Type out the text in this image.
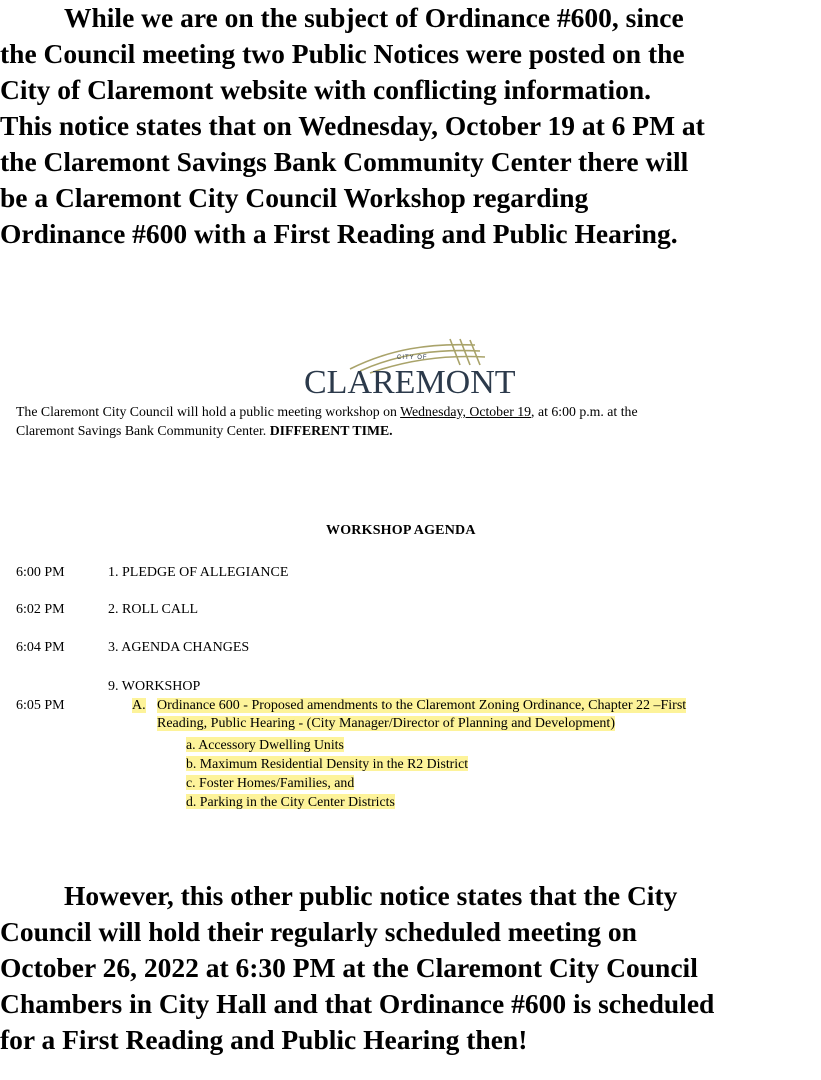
While we are on the subject of Ordinance #600, since
the Council meeting two Public Notices were posted on the
City of Claremont website with conflicting information.
This notice states that on Wednesday, October 19 at 6 PM at
the Claremont Savings Bank Community Center there will
be a Claremont City Council Workshop regarding
Ordinance #600 with a First Reading and Public Hearing.
CITY OF
CLAREMONT
The Claremont City Council will hold a public meeting workshop on Wednesday, October 19, at 6:00 p.m. at the
Claremont Savings Bank Community Center. DIFFERENT TIME.
WORKSHOP AGENDA
6:00 PM	1. PLEDGE OF ALLEGIANCE
6:02 PM	2. ROLL CALL
6:04 PM	3. AGENDA CHANGES
9. WORKSHOP
6:05 PM	A. Ordinance 600 - Proposed amendments to the Claremont Zoning Ordinance, Chapter 22 –First
Reading, Public Hearing - (City Manager/Director of Planning and Development)
a. Accessory Dwelling Units
b. Maximum Residential Density in the R2 District
c. Foster Homes/Families, and
d. Parking in the City Center Districts
However, this other public notice states that the City
Council will hold their regularly scheduled meeting on
October 26, 2022 at 6:30 PM at the Claremont City Council
Chambers in City Hall and that Ordinance #600 is scheduled
for a First Reading and Public Hearing then!
